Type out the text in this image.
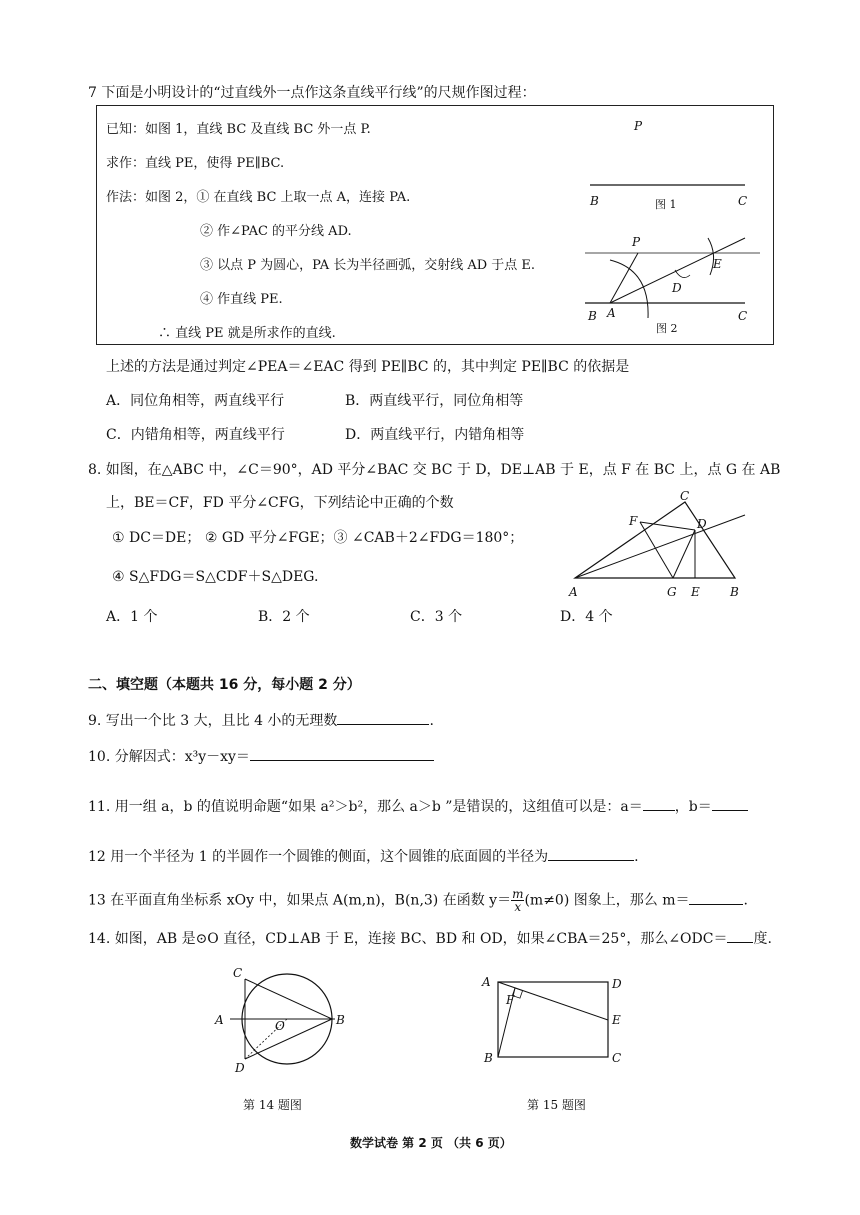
7 下面是小明设计的“过直线外一点作这条直线平行线”的尺规作图过程：
已知：如图 1，直线 BC 及直线 BC 外一点 P.
求作：直线 PE，使得 PE∥BC.
作法：如图 2，① 在直线 BC 上取一点 A，连接 PA.
② 作∠PAC 的平分线 AD.
③ 以点 P 为圆心，PA 长为半径画弧，交射线 AD 于点 E.
④ 作直线 PE.
∴ 直线 PE 就是所求作的直线.
P
B	C
图 1
P
E
D
B A	C
图 2
上述的方法是通过判定∠PEA＝∠EAC 得到 PE∥BC 的，其中判定 PE∥BC 的依据是
A．同位角相等，两直线平行	B．两直线平行，同位角相等
C．内错角相等，两直线平行	D．两直线平行，内错角相等
8. 如图，在△ABC 中，∠C＝90°，AD 平分∠BAC 交 BC 于 D，DE⊥AB 于 E，点 F 在 BC 上，点 G 在 AB
上，BE＝CF，FD 平分∠CFG，下列结论中正确的个数
① DC＝DE； ② GD 平分∠FGE；③ ∠CAB＋2∠FDG＝180°；
④ S△FDG＝S△CDF＋S△DEG.
A．1 个	B．2 个	C．3 个	D．4 个
C
F	D
A	G E	B
二、填空题（本题共 16 分，每小题 2 分）
9. 写出一个比 3 大，且比 4 小的无理数	.
10. 分解因式：x³y－xy＝
11. 用一组 a，b 的值说明命题“如果 a²＞b²，那么 a＞b ”是错误的，这组值可以是：a＝ ，b＝
12 用一个半径为 1 的半圆作一个圆锥的侧面，这个圆锥的底面圆的半径为	.
13 在平面直角坐标系 xOy 中，如果点 A(m,n)，B(n,3) 在函数 $y= \frac{m}{x} (m\ne 0)$ 图象上，那么 m＝	.
14. 如图，AB 是⊙O 直径，CD⊥AB 于 E，连接 BC、BD 和 OD，如果∠CBA＝25°，那么∠ODC＝ 度.
C
A	O	B
D
第 14 题图
A
F
D
E
B	C
第 15 题图
数学试卷 第 2 页 （共 6 页）
